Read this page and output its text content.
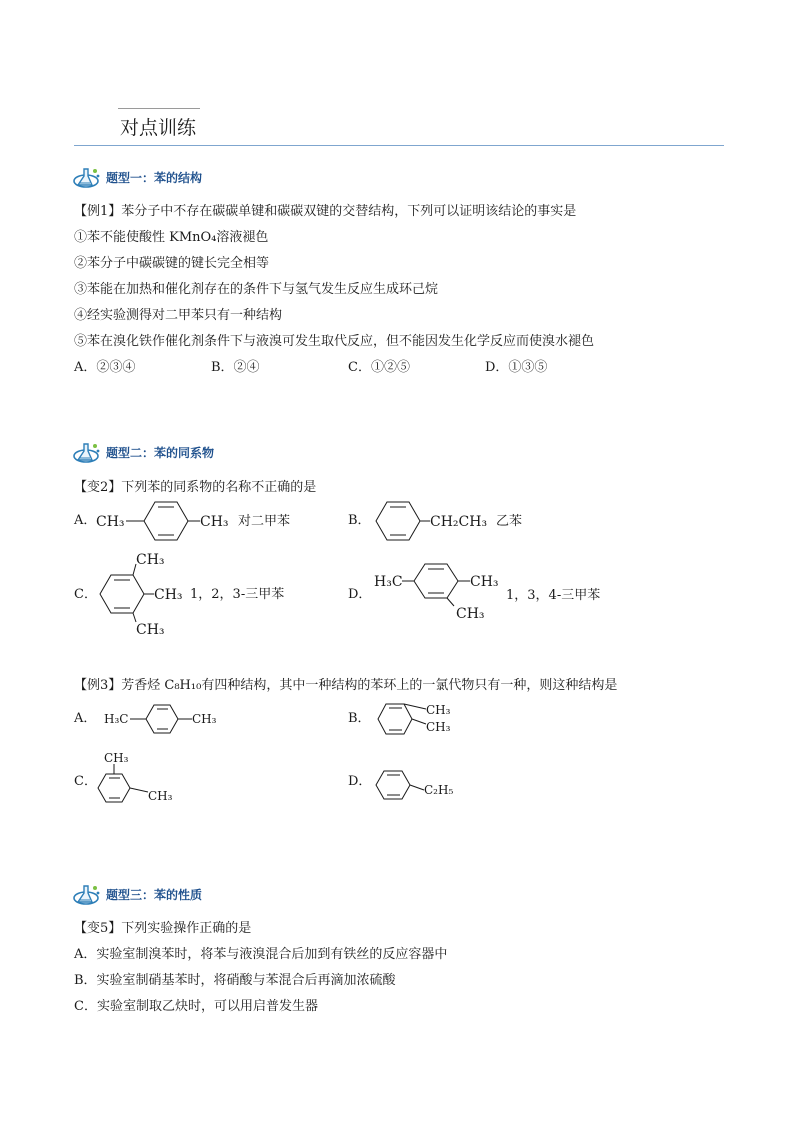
对点训练
题型一：苯的结构
【例1】苯分子中不存在碳碳单键和碳碳双键的交替结构，下列可以证明该结论的事实是
①苯不能使酸性 KMnO₄溶液褪色
②苯分子中碳碳键的键长完全相等
③苯能在加热和催化剂存在的条件下与氢气发生反应生成环己烷
④经实验测得对二甲苯只有一种结构
⑤苯在溴化铁作催化剂条件下与液溴可发生取代反应，但不能因发生化学反应而使溴水褪色
A．②③④	B．②④	C．①②⑤	D．①③⑤
题型二：苯的同系物
【变2】下列苯的同系物的名称不正确的是
A． CH₃	CH₃ 对二甲苯	B．	CH₂CH₃ 乙苯
C．
CH₃
CH₃
CH₃
1，2，3-三甲苯	D．
H₃C	CH₃
CH₃
1，3，4-三甲苯
【例3】芳香烃 C₈H₁₀有四种结构，其中一种结构的苯环上的一氯代物只有一种，则这种结构是
A． H₃C	CH₃	B．
CH₃
CH₃
C．
CH₃
CH₃
D．
C₂H₅
题型三：苯的性质
【变5】下列实验操作正确的是
A．实验室制溴苯时，将苯与液溴混合后加到有铁丝的反应容器中
B．实验室制硝基苯时，将硝酸与苯混合后再滴加浓硫酸
C．实验室制取乙炔时，可以用启普发生器
